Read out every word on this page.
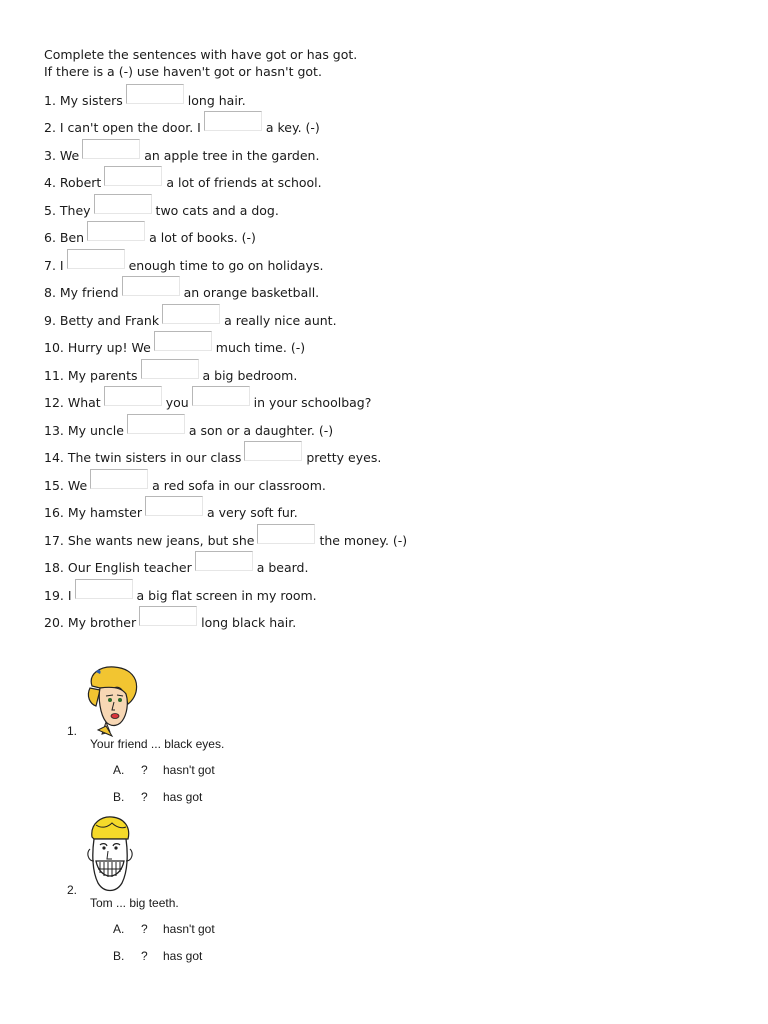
Complete the sentences with have got or has got.
If there is a (-) use haven't got or hasn't got.
1. My sisters	long hair.
2. I can't open the door. I	a key. (-)
3. We	an apple tree in the garden.
4. Robert	a lot of friends at school.
5. They	two cats and a dog.
6. Ben	a lot of books. (-)
7. I	enough time to go on holidays.
8. My friend	an orange basketball.
9. Betty and Frank	a really nice aunt.
10. Hurry up! We	much time. (-)
11. My parents	a big bedroom.
12. What	you	in your schoolbag?
13. My uncle	a son or a daughter. (-)
14. The twin sisters in our class	pretty eyes.
15. We	a red sofa in our classroom.
16. My hamster	a very soft fur.
17. She wants new jeans, but she	the money. (-)
18. Our English teacher	a beard.
19. I	a big flat screen in my room.
20. My brother	long black hair.
1.
Your friend ... black eyes.
A. ? hasn't got
B. ? has got
2.
Tom ... big teeth.
A. ? hasn't got
B. ? has got
